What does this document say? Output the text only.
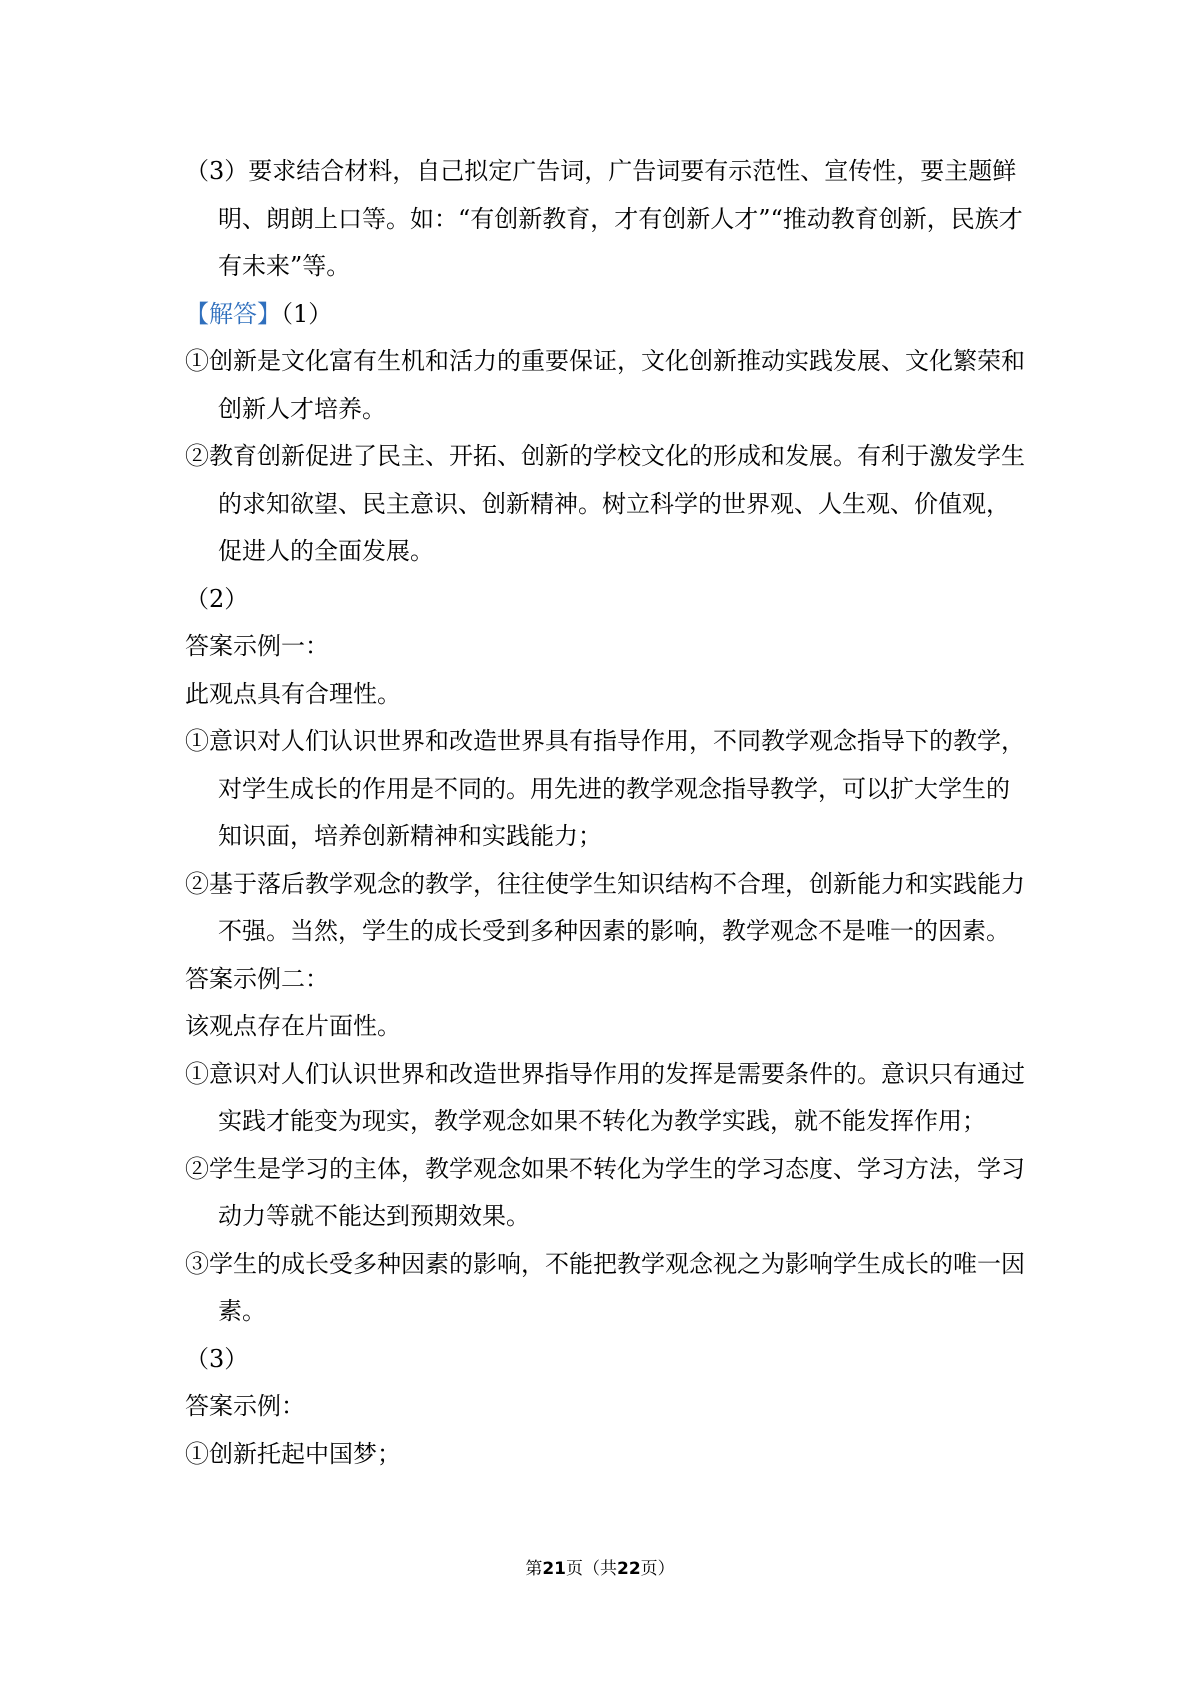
（3）要求结合材料，自己拟定广告词，广告词要有示范性、宣传性，要主题鲜明、朗朗上口等。如：“有创新教育，才有创新人才”“推动教育创新，民族才有未来”等。

【解答】（1）

①创新是文化富有生机和活力的重要保证，文化创新推动实践发展、文化繁荣和创新人才培养。

②教育创新促进了民主、开拓、创新的学校文化的形成和发展。有利于激发学生的求知欲望、民主意识、创新精神。树立科学的世界观、人生观、价值观，促进人的全面发展。

（2）

答案示例一：

此观点具有合理性。

①意识对人们认识世界和改造世界具有指导作用，不同教学观念指导下的教学，对学生成长的作用是不同的。用先进的教学观念指导教学，可以扩大学生的知识面，培养创新精神和实践能力；

②基于落后教学观念的教学，往往使学生知识结构不合理，创新能力和实践能力不强。当然，学生的成长受到多种因素的影响，教学观念不是唯一的因素。

答案示例二：

该观点存在片面性。

①意识对人们认识世界和改造世界指导作用的发挥是需要条件的。意识只有通过实践才能变为现实，教学观念如果不转化为教学实践，就不能发挥作用；

②学生是学习的主体，教学观念如果不转化为学生的学习态度、学习方法，学习动力等就不能达到预期效果。

③学生的成长受多种因素的影响，不能把教学观念视之为影响学生成长的唯一因素。

（3）

答案示例：

①创新托起中国梦；

第21页（共22页）
